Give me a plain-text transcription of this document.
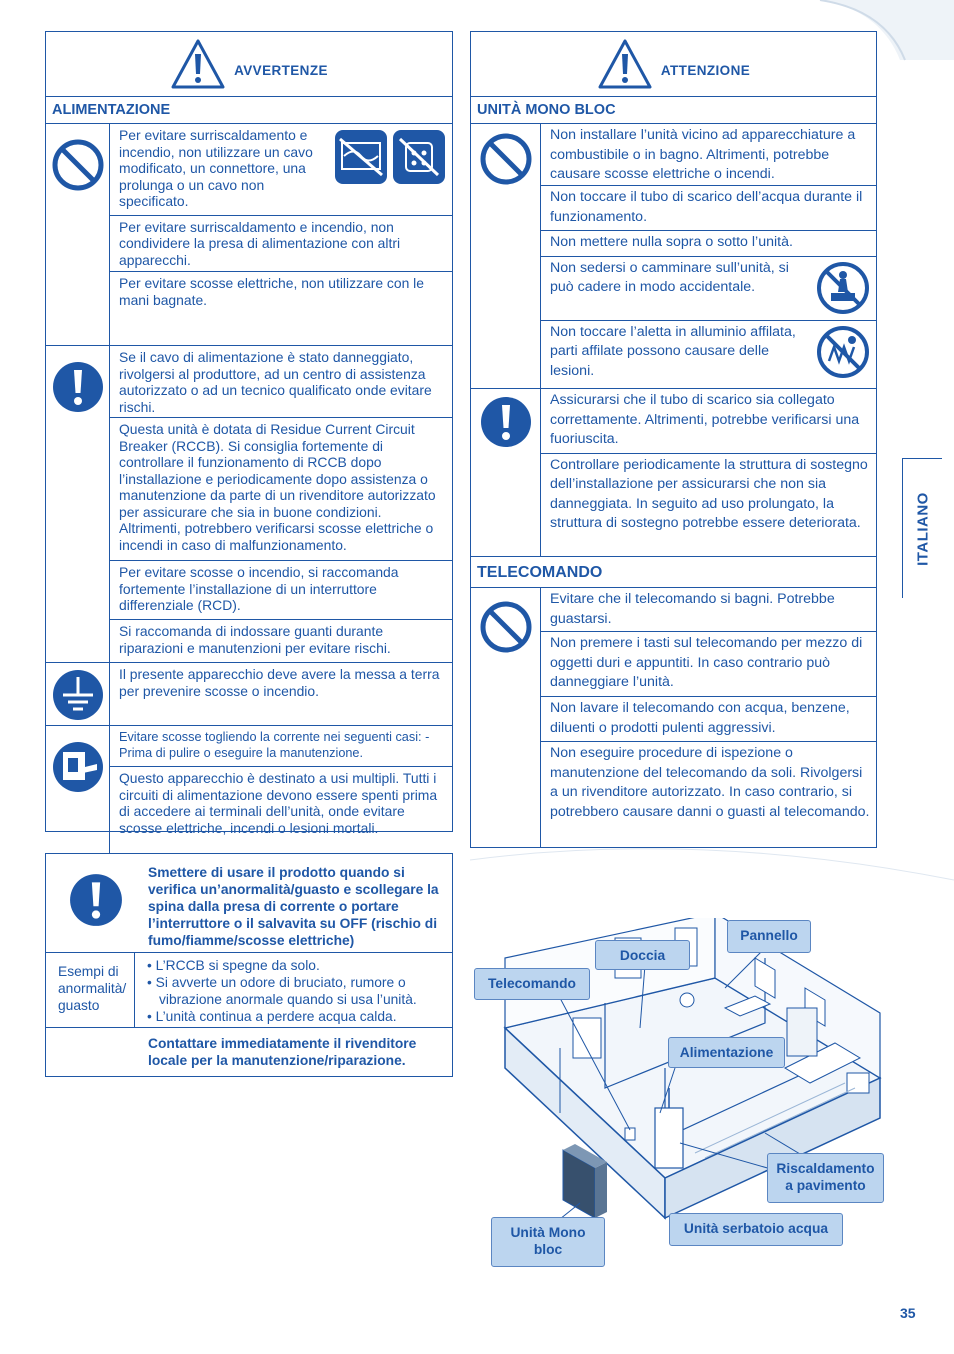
AVVERTENZE
ALIMENTAZIONE
Per evitare surriscaldamento e incendio, non utilizzare un cavo modificato, un connettore, una prolunga o un cavo non specificato.
Per evitare surriscaldamento e incendio, non condividere la presa di alimentazione con altri apparecchi.
Per evitare scosse elettriche, non utilizzare con le mani bagnate.
Se il cavo di alimentazione è stato danneggiato, rivolgersi al produttore, ad un centro di assistenza autorizzato o ad un tecnico qualificato onde evitare rischi.
Questa unità è dotata di Residue Current Circuit Breaker (RCCB). Si consiglia fortemente di controllare il funzionamento di RCCB dopo l’installazione e periodicamente dopo assistenza o manutenzione da parte di un rivenditore autorizzato per assicurare che sia in buone condizioni. Altrimenti, potrebbero verificarsi scosse elettriche o incendi in caso di malfunzionamento.
Per evitare scosse o incendio, si raccomanda fortemente l’installazione di un interruttore differenziale (RCD).
Si raccomanda di indossare guanti durante riparazioni e manutenzioni per evitare rischi.
Il presente apparecchio deve avere la messa a terra per prevenire scosse o incendio.
Evitare scosse togliendo la corrente nei seguenti casi: - Prima di pulire o eseguire la manutenzione.
Questo apparecchio è destinato a usi multipli. Tutti i circuiti di alimentazione devono essere spenti prima di accedere ai terminali dell’unità, onde evitare scosse elettriche, incendi o lesioni mortali.
ATTENZIONE
UNITÀ MONO BLOC
Non installare l’unità vicino ad apparecchiature a combustibile o in bagno. Altrimenti, potrebbe causare scosse elettriche o incendi.
Non toccare il tubo di scarico dell’acqua durante il funzionamento.
Non mettere nulla sopra o sotto l’unità.
Non sedersi o camminare sull’unità, si può cadere in modo accidentale.
Non toccare l’aletta in alluminio affilata, parti affilate possono causare delle lesioni.
Assicurarsi che il tubo di scarico sia collegato correttamente. Altrimenti, potrebbe verificarsi una fuoriuscita.
Controllare periodicamente la struttura di sostegno dell’installazione per assicurarsi che non sia danneggiata. In seguito ad uso prolungato, la struttura di sostegno potrebbe essere deteriorata.
TELECOMANDO
Evitare che il telecomando si bagni. Potrebbe guastarsi.
Non premere i tasti sul telecomando per mezzo di oggetti duri e appuntiti. In caso contrario può danneggiare l’unità.
Non lavare il telecomando con acqua, benzene, diluenti o prodotti pulenti aggressivi.
Non eseguire procedure di ispezione o manutenzione del telecomando da soli. Rivolgersi a un rivenditore autorizzato. In caso contrario, si potrebbero causare danni o guasti al telecomando.
Smettere di usare il prodotto quando si verifica un’anormalità/guasto e scollegare la spina dalla presa di corrente o portare l’interruttore o il salvavita su OFF (rischio di fumo/fiamme/scosse elettriche)
Esempi di anormalità/ guasto
• L’RCCB si spegne da solo.
• Si avverte un odore di bruciato, rumore o vibrazione anormale quando si usa l’unità.
• L’unità continua a perdere acqua calda.
Contattare immediatamente il rivenditore locale per la manutenzione/riparazione.
ITALIANO
Pannello
Doccia
Telecomando
Alimentazione
Riscaldamento a pavimento
Unità serbatoio acqua
Unità Mono bloc
35
